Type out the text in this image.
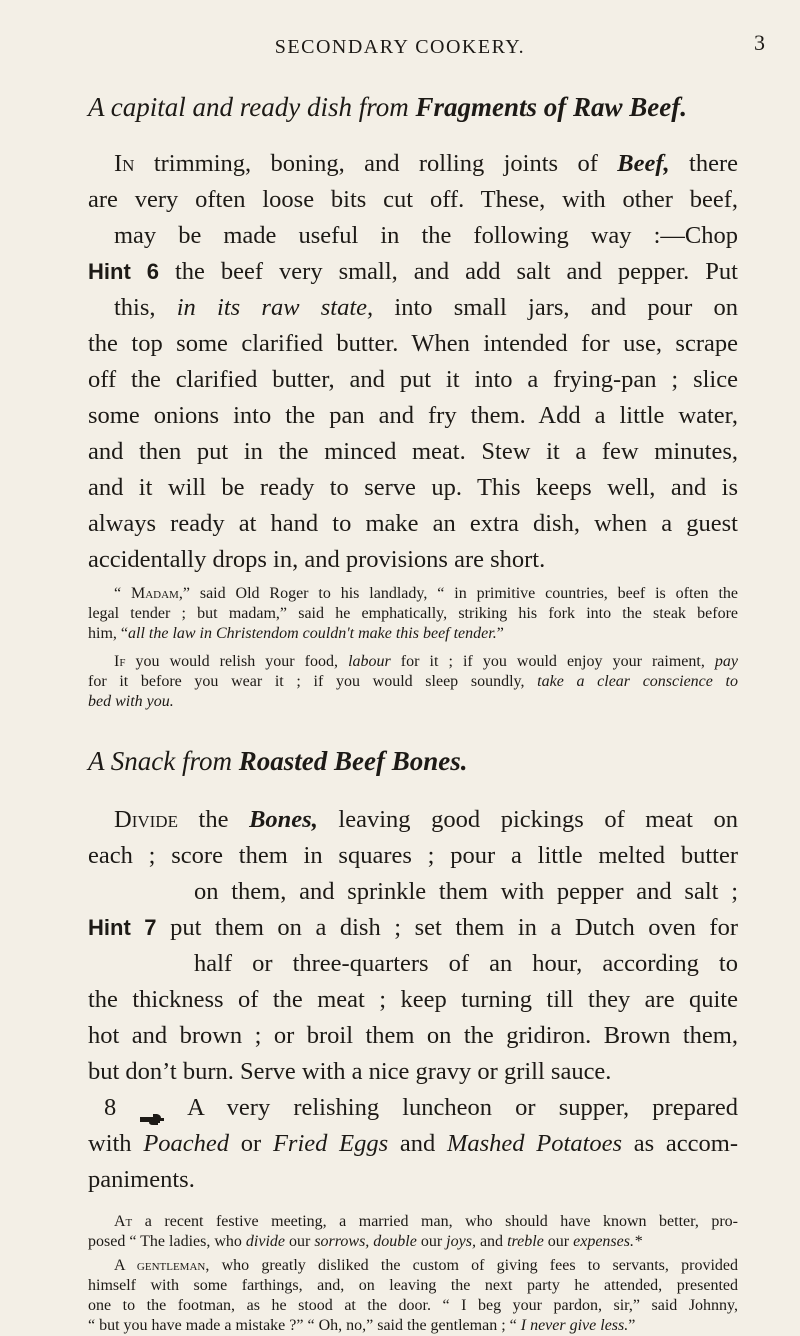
SECONDARY COOKERY.	3
A capital and ready dish from Fragments of Raw Beef.
In trimming, boning, and rolling joints of Beef, there
are very often loose bits cut off. These, with other beef,
may be made useful in the following way :—Chop
Hint 6 the beef very small, and add salt and pepper. Put
this, in its raw state, into small jars, and pour on
the top some clarified butter. When intended for use, scrape
off the clarified butter, and put it into a frying-pan ; slice
some onions into the pan and fry them. Add a little water,
and then put in the minced meat. Stew it a few minutes,
and it will be ready to serve up. This keeps well, and is
always ready at hand to make an extra dish, when a guest
accidentally drops in, and provisions are short.
“ Madam,” said Old Roger to his landlady, “ in primitive countries, beef is often the
legal tender ; but madam,” said he emphatically, striking his fork into the steak before
him, “all the law in Christendom couldn't make this beef tender.”
If you would relish your food, labour for it ; if you would enjoy your raiment, pay
for it before you wear it ; if you would sleep soundly, take a clear conscience to
bed with you.
A Snack from Roasted Beef Bones.
Divide the Bones, leaving good pickings of meat on
each ; score them in squares ; pour a little melted butter
on them, and sprinkle them with pepper and salt ;
Hint 7 put them on a dish ; set them in a Dutch oven for
half or three-quarters of an hour, according to
the thickness of the meat ; keep turning till they are quite
hot and brown ; or broil them on the gridiron. Brown them,
but don’t burn. Serve with a nice gravy or grill sauce.
8  A very relishing luncheon or supper, prepared
with Poached or Fried Eggs and Mashed Potatoes as accom-
paniments.
At a recent festive meeting, a married man, who should have known better, pro-
posed “ The ladies, who divide our sorrows, double our joys, and treble our expenses.*
A gentleman, who greatly disliked the custom of giving fees to servants, provided
himself with some farthings, and, on leaving the next party he attended, presented
one to the footman, as he stood at the door. “ I beg your pardon, sir,” said Johnny,
“ but you have made a mistake ?” “ Oh, no,” said the gentleman ; “ I never give less.”
